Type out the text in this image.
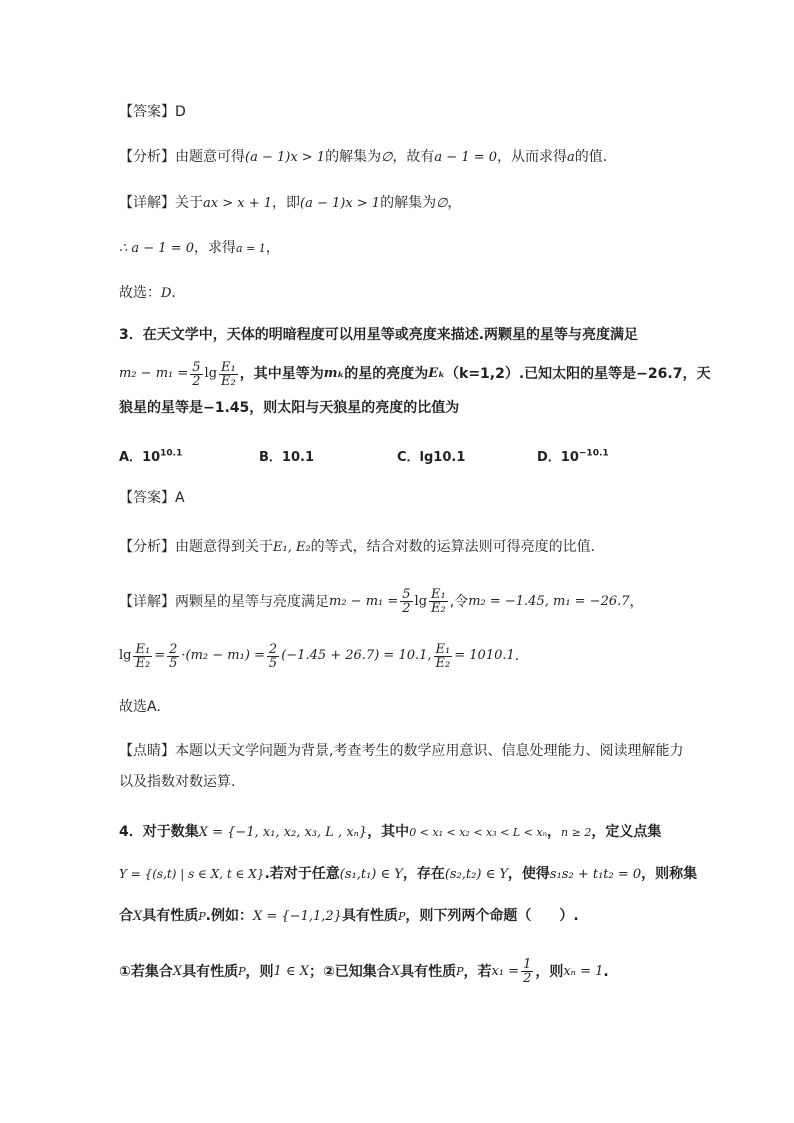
【答案】D
【分析】由题意可得(a − 1)x > 1的解集为∅，故有a − 1 = 0，从而求得a的值．
【详解】关于ax > x + 1，即(a − 1)x > 1的解集为∅，
∴ a − 1 = 0，求得a = 1，
故选：D．
3．在天文学中，天体的明暗程度可以用星等或亮度来描述.两颗星的星等与亮度满足
$m_2 - m_1 = \frac{5}{2}$ $\lg \frac{\text{E₁}}{\text{E₂}}$ ，其中星等为 mₖ 的星的亮度为 Eₖ （k=1,2）.已知太阳的星等是−26.7，天
狼星的星等是−1.45，则太阳与天狼星的亮度的比值为
A．$10^{10.1}$	B．10.1	C．lg10.1	D．$10^{-10.1}$
【答案】A
【分析】由题意得到关于E₁, E₂的等式，结合对数的运算法则可得亮度的比值.
【详解】 两颗星的星等与亮度满足 $m_2 - m_1 = \frac{5}{2}$ $\lg \frac{\text{E₁}}{\text{E₂}}$ ,令 m₂ = −1.45, m₁ = −26.7 ，
$\lg \frac{\text{E₁}}{\text{E₂}} = \frac{2}{5} \cdot(m_2 - m_1) = \frac{2}{5} (-1.45 + 26.7) = 10.1$, $\frac{\text{E₁}}{\text{E₂}} = 10$ 10.1 .
故选A.
【点睛】本题以天文学问题为背景,考查考生的数学应用意识、信息处理能力、阅读理解能力
以及指数对数运算.
4．对于数集X = {−1, x₁, x₂, x₃, L , xₙ}，其中0 < x₁ < x₂ < x₃ < L < xₙ，n ≥ 2，定义点集
Y = {(s,t) | s ∈ X, t ∈ X}.若对于任意(s₁,t₁) ∈ Y，存在(s₂,t₂) ∈ Y，使得s₁s₂ + t₁t₂ = 0，则称集
合X具有性质P.例如：X = {−1,1,2}具有性质P，则下列两个命题（　　）.
①若集合 X 具有性质 P ，则 1 ∈ X ；②已知集合 X 具有性质 P ，若 $x_1 = \frac{1}{2}$ ，则 xₙ = 1 .
